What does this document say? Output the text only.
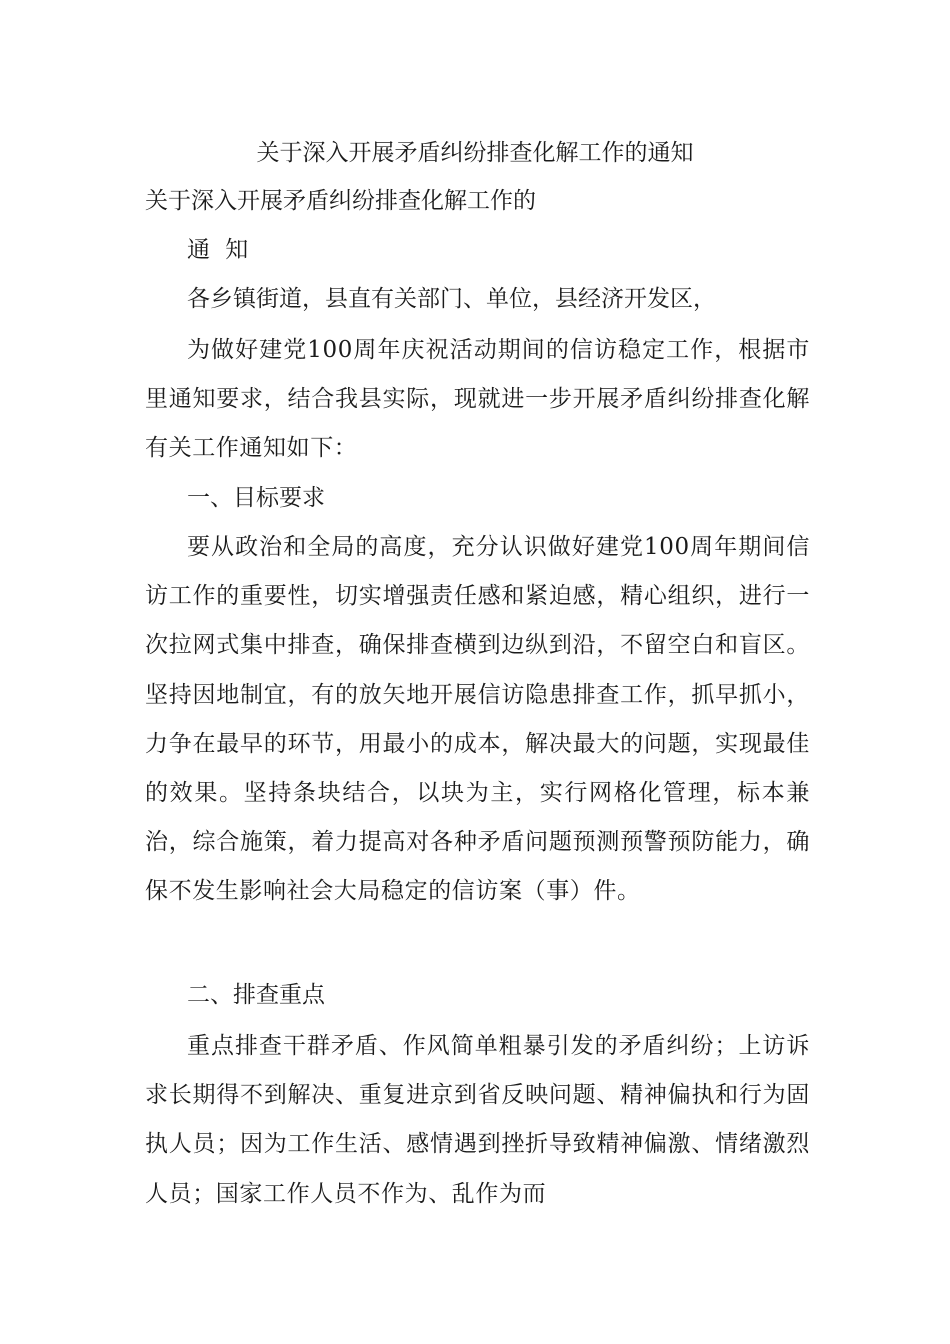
关于深入开展矛盾纠纷排查化解工作的通知

关于深入开展矛盾纠纷排查化解工作的

通 知

各乡镇街道，县直有关部门、单位，县经济开发区，

为做好建党100周年庆祝活动期间的信访稳定工作，根据市里通知要求，结合我县实际，现就进一步开展矛盾纠纷排查化解有关工作通知如下：

一、目标要求

要从政治和全局的高度，充分认识做好建党100周年期间信访工作的重要性，切实增强责任感和紧迫感，精心组织，进行一次拉网式集中排查，确保排查横到边纵到沿，不留空白和盲区。坚持因地制宜，有的放矢地开展信访隐患排查工作，抓早抓小，力争在最早的环节，用最小的成本，解决最大的问题，实现最佳的效果。坚持条块结合，以块为主，实行网格化管理，标本兼治，综合施策，着力提高对各种矛盾问题预测预警预防能力，确保不发生影响社会大局稳定的信访案（事）件。

二、排查重点

重点排查干群矛盾、作风简单粗暴引发的矛盾纠纷；上访诉求长期得不到解决、重复进京到省反映问题、精神偏执和行为固执人员；因为工作生活、感情遇到挫折导致精神偏激、情绪激烈人员；国家工作人员不作为、乱作为而
